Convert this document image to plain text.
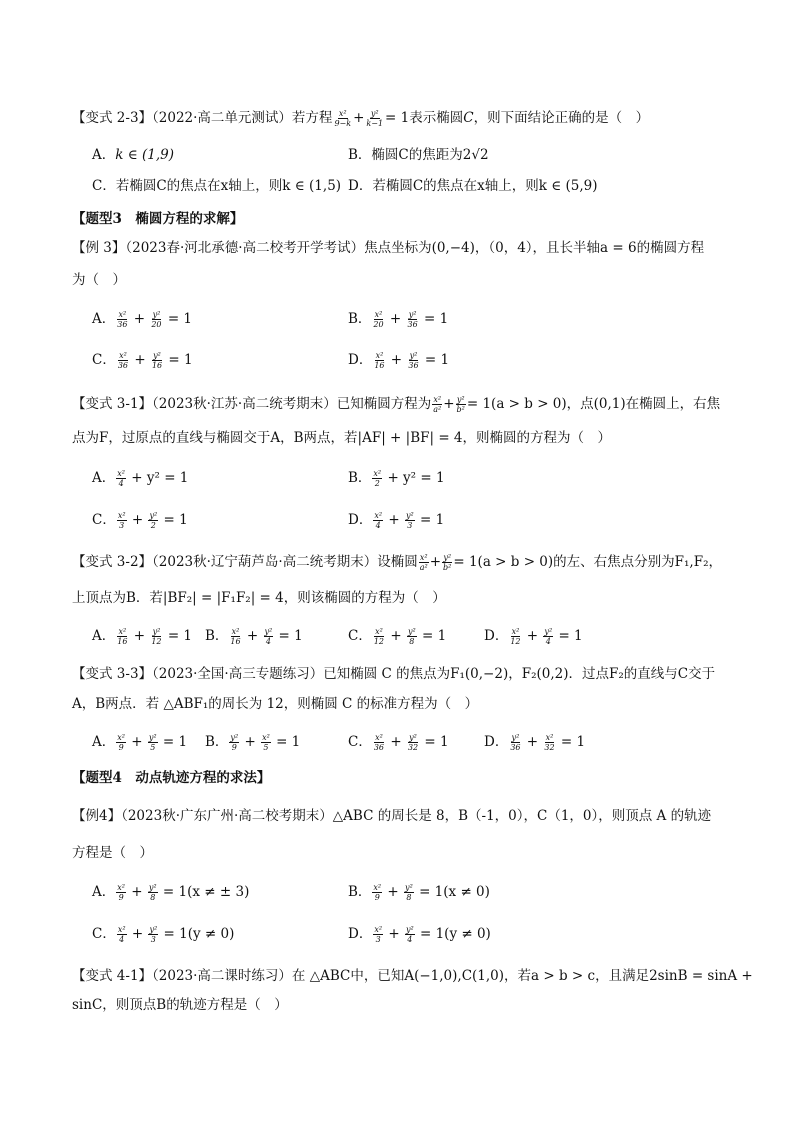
【变式 2-3】（2022·高二单元测试）若方程 $\frac{\text{x²}}{9-k} + \frac{\text{y²}}{k-1} = 1$表示椭圆C，则下面结论正确的是（　）
A．k ∈ (1,9)	B．椭圆C的焦距为2√2
C．若椭圆C的焦点在x轴上，则k ∈ (1,5) D．若椭圆C的焦点在x轴上，则k ∈ (5,9)
【题型3　椭圆方程的求解】
【例 3】（2023春·河北承德·高二校考开学考试）焦点坐标为(0,−4)，（0，4），且长半轴a = 6的椭圆方程
为（　）
A． $\frac{\text{x²}}{36} + \frac{\text{y²}}{20} = 1$	B． $\frac{\text{x²}}{20} + \frac{\text{y²}}{36} = 1$
C． $\frac{\text{x²}}{36} + \frac{\text{y²}}{16} = 1$	D． $\frac{\text{x²}}{16} + \frac{\text{y²}}{36} = 1$
【变式 3-1】（2023秋·江苏·高二统考期末）已知椭圆方程为 $\frac{\text{x²}}{\text{a²}} + \frac{\text{y²}}{\text{b²}} = 1(a > b > 0)$，点(0,1)在椭圆上，右焦
点为F，过原点的直线与椭圆交于A，B两点，若|AF| + |BF| = 4，则椭圆的方程为（　）
A． $\frac{\text{x²}}{4} + y^2 = 1$	B． $\frac{\text{x²}}{2} + y^2 = 1$
C． $\frac{\text{x²}}{3} + \frac{\text{y²}}{2} = 1$	D． $\frac{\text{x²}}{4} + \frac{\text{y²}}{3} = 1$
【变式 3-2】（2023秋·辽宁葫芦岛·高二统考期末）设椭圆 $\frac{\text{x²}}{\text{a²}} + \frac{\text{y²}}{\text{b²}} = 1(a > b > 0)$的左、右焦点分别为F₁,F₂，
上顶点为B．若|BF₂| = |F₁F₂| = 4，则该椭圆的方程为（　）
A． $\frac{\text{x²}}{16} + \frac{\text{y²}}{12} = 1$ B． $\frac{\text{x²}}{16} + \frac{\text{y²}}{4} = 1$	C． $\frac{\text{x²}}{12} + \frac{\text{y²}}{8} = 1$	D． $\frac{\text{x²}}{12} + \frac{\text{y²}}{4} = 1$
【变式 3-3】（2023·全国·高三专题练习）已知椭圆 C 的焦点为F₁(0,−2)，F₂(0,2)．过点F₂的直线与C交于
A，B两点．若 △ABF₁的周长为 12，则椭圆 C 的标准方程为（　）
A． $\frac{\text{x²}}{9} + \frac{\text{y²}}{5} = 1$ B． $\frac{\text{y²}}{9} + \frac{\text{x²}}{5} = 1$	C． $\frac{\text{x²}}{36} + \frac{\text{y²}}{32} = 1$	D． $\frac{\text{y²}}{36} + \frac{\text{x²}}{32} = 1$
【题型4　动点轨迹方程的求法】
【例4】（2023秋·广东广州·高二校考期末）△ABC 的周长是 8，B（-1，0），C（1，0），则顶点 A 的轨迹
方程是（　）
A． $\frac{\text{x²}}{9} + \frac{\text{y²}}{8} = 1(x$ ≠ ± 3)	B． $\frac{\text{x²}}{9} + \frac{\text{y²}}{8} = 1(x \ne 0)$
C． $\frac{\text{x²}}{4} + \frac{\text{y²}}{3} = 1(y \ne 0)$	D． $\frac{\text{x²}}{3} + \frac{\text{y²}}{4} = 1(y \ne 0)$
【变式 4-1】（2023·高二课时练习）在 △ABC中，已知A(−1,0),C(1,0)，若a > b > c，且满足2sinB = sinA +
sinC，则顶点B的轨迹方程是（　）
